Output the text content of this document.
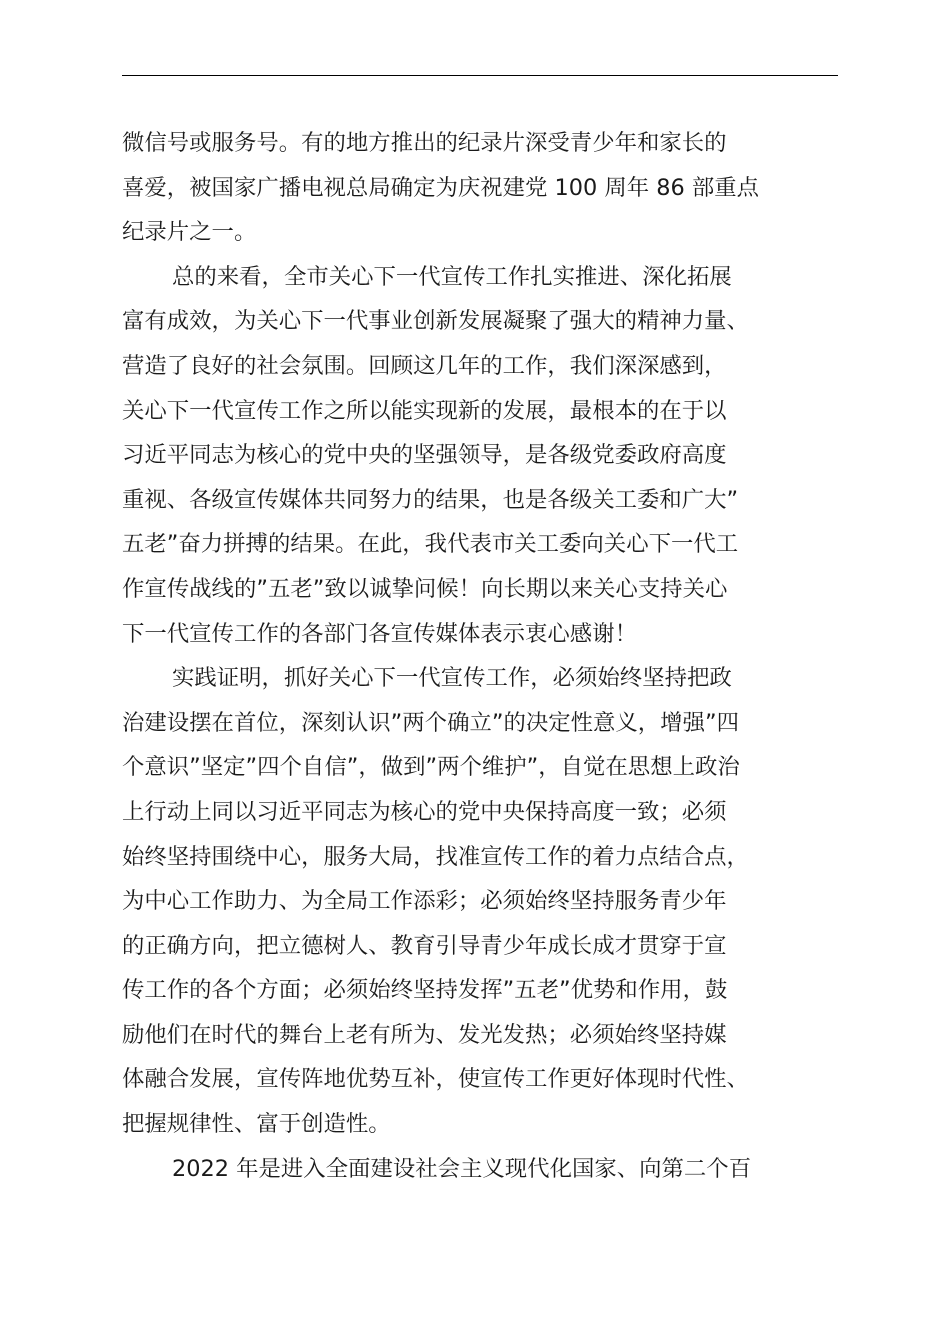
微信号或服务号。有的地方推出的纪录片深受青少年和家长的
喜爱，被国家广播电视总局确定为庆祝建党 100 周年 86 部重点
纪录片之一。
总的来看，全市关心下一代宣传工作扎实推进、深化拓展
富有成效，为关心下一代事业创新发展凝聚了强大的精神力量、
营造了良好的社会氛围。回顾这几年的工作，我们深深感到，
关心下一代宣传工作之所以能实现新的发展，最根本的在于以
习近平同志为核心的党中央的坚强领导，是各级党委政府高度
重视、各级宣传媒体共同努力的结果，也是各级关工委和广大”
五老”奋力拼搏的结果。在此，我代表市关工委向关心下一代工
作宣传战线的”五老”致以诚挚问候！向长期以来关心支持关心
下一代宣传工作的各部门各宣传媒体表示衷心感谢！
实践证明，抓好关心下一代宣传工作，必须始终坚持把政
治建设摆在首位，深刻认识”两个确立”的决定性意义，增强”四
个意识”坚定”四个自信”，做到”两个维护”，自觉在思想上政治
上行动上同以习近平同志为核心的党中央保持高度一致；必须
始终坚持围绕中心，服务大局，找准宣传工作的着力点结合点，
为中心工作助力、为全局工作添彩；必须始终坚持服务青少年
的正确方向，把立德树人、教育引导青少年成长成才贯穿于宣
传工作的各个方面；必须始终坚持发挥”五老”优势和作用，鼓
励他们在时代的舞台上老有所为、发光发热；必须始终坚持媒
体融合发展，宣传阵地优势互补，使宣传工作更好体现时代性、
把握规律性、富于创造性。
2022 年是进入全面建设社会主义现代化国家、向第二个百
